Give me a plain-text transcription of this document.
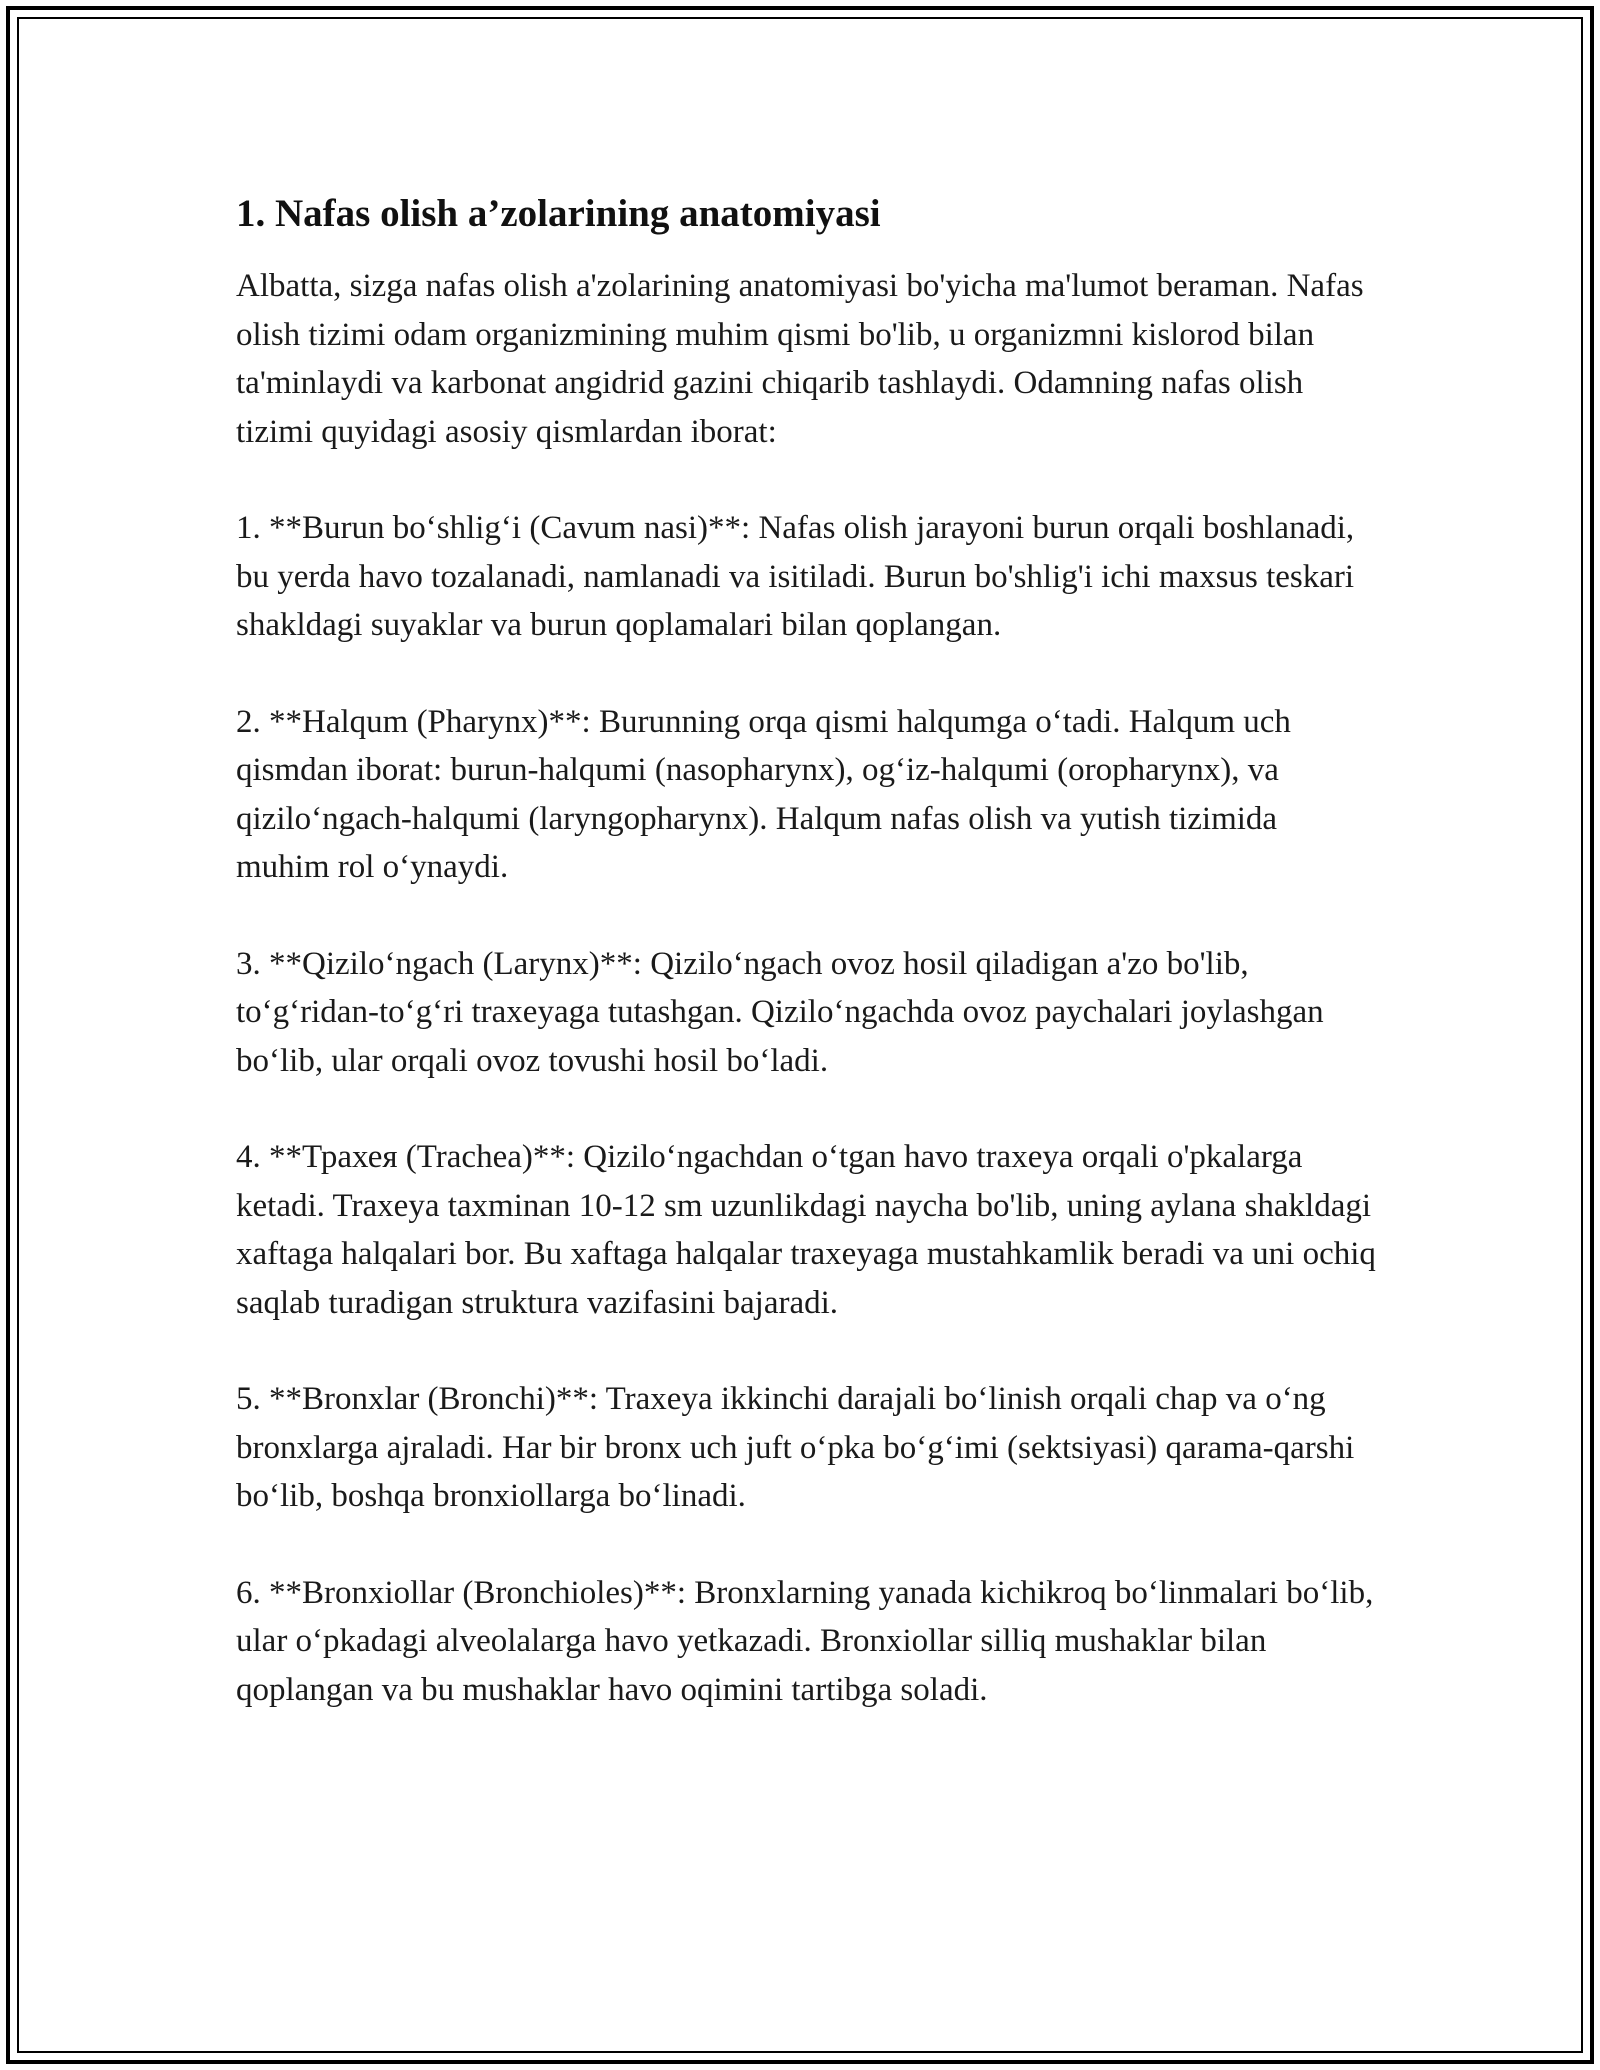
1. Nafas olish a’zolarining anatomiyasi

Albatta, sizga nafas olish a'zolarining anatomiyasi bo'yicha ma'lumot beraman. Nafas olish tizimi odam organizmining muhim qismi bo'lib, u organizmni kislorod bilan ta'minlaydi va karbonat angidrid gazini chiqarib tashlaydi. Odamning nafas olish tizimi quyidagi asosiy qismlardan iborat:

1. **Burun bo‘shlig‘i (Cavum nasi)**: Nafas olish jarayoni burun orqali boshlanadi, bu yerda havo tozalanadi, namlanadi va isitiladi. Burun bo'shlig'i ichi maxsus teskari shakldagi suyaklar va burun qoplamalari bilan qoplangan.

2. **Halqum (Pharynx)**: Burunning orqa qismi halqumga o‘tadi. Halqum uch qismdan iborat: burun-halqumi (nasopharynx), og‘iz-halqumi (oropharynx), va qizilo‘ngach-halqumi (laryngopharynx). Halqum nafas olish va yutish tizimida muhim rol o‘ynaydi.

3. **Qizilo‘ngach (Larynx)**: Qizilo‘ngach ovoz hosil qiladigan a'zo bo'lib, to‘g‘ridan-to‘g‘ri traxeyaga tutashgan. Qizilo‘ngachda ovoz paychalari joylashgan bo‘lib, ular orqali ovoz tovushi hosil bo‘ladi.

4. **Трахея (Trachea)**: Qizilo‘ngachdan o‘tgan havo traxeya orqali o'pkalarga ketadi. Traxeya taxminan 10-12 sm uzunlikdagi naycha bo'lib, uning aylana shakldagi xaftaga halqalari bor. Bu xaftaga halqalar traxeyaga mustahkamlik beradi va uni ochiq saqlab turadigan struktura vazifasini bajaradi.

5. **Bronxlar (Bronchi)**: Traxeya ikkinchi darajali bo‘linish orqali chap va o‘ng bronxlarga ajraladi. Har bir bronx uch juft o‘pka bo‘g‘imi (sektsiyasi) qarama-qarshi bo‘lib, boshqa bronxiollarga bo‘linadi.

6. **Bronxiollar (Bronchioles)**: Bronxlarning yanada kichikroq bo‘linmalari bo‘lib, ular o‘pkadagi alveolalarga havo yetkazadi. Bronxiollar silliq mushaklar bilan qoplangan va bu mushaklar havo oqimini tartibga soladi.
